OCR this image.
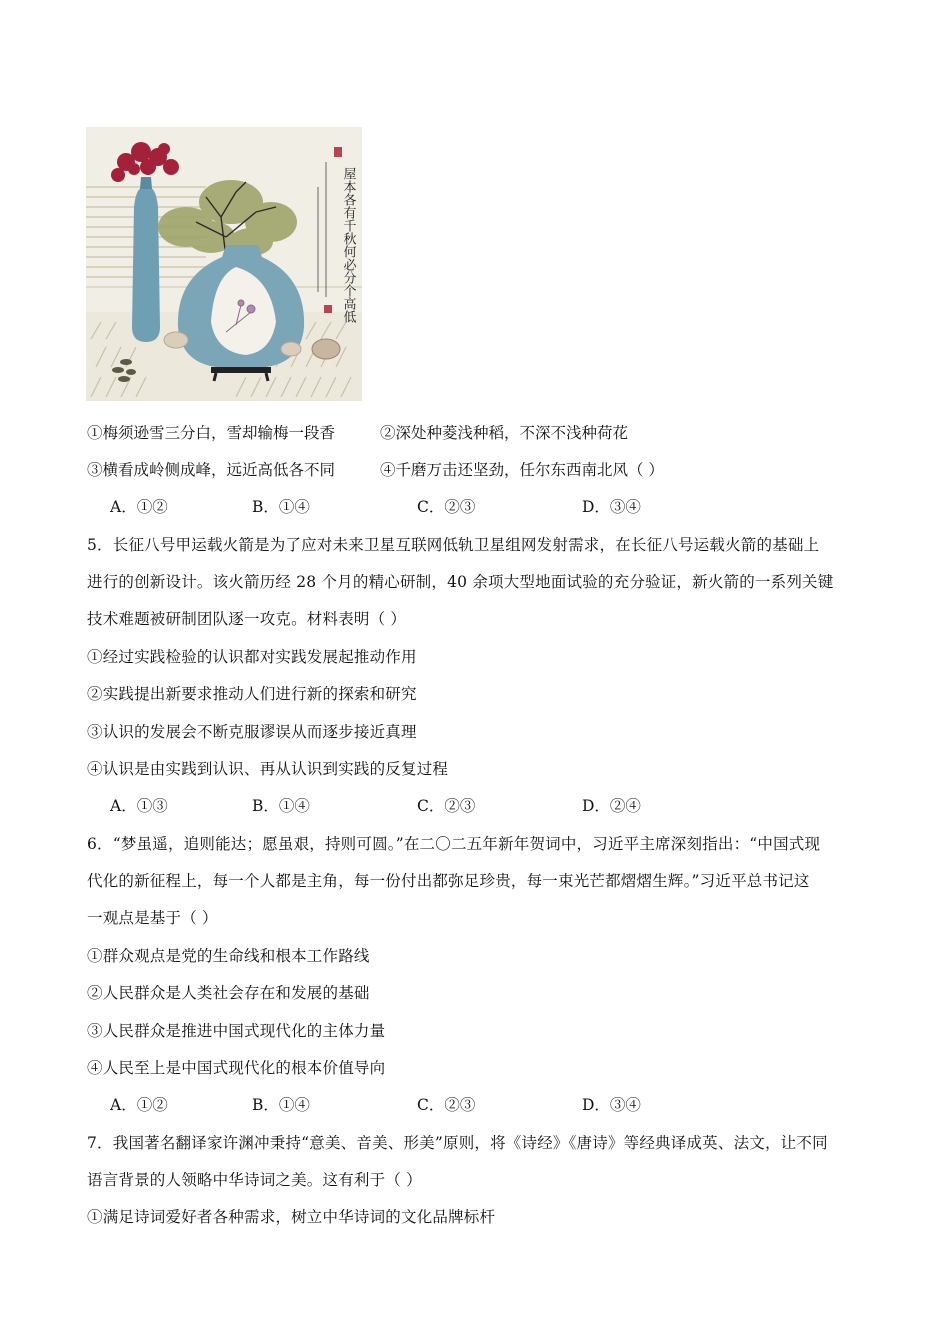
屋本各有千秋何必分个高低
①梅须逊雪三分白，雪却输梅一段香	②深处种菱浅种稻，不深不浅种荷花
③横看成岭侧成峰，远近高低各不同	④千磨万击还坚劲，任尔东西南北风（ ）
A．①②	B．①④	C．②③	D．③④
5．长征八号甲运载火箭是为了应对未来卫星互联网低轨卫星组网发射需求，在长征八号运载火箭的基础上
进行的创新设计。该火箭历经 28 个月的精心研制，40 余项大型地面试验的充分验证，新火箭的一系列关键
技术难题被研制团队逐一攻克。材料表明（ ）
①经过实践检验的认识都对实践发展起推动作用
②实践提出新要求推动人们进行新的探索和研究
③认识的发展会不断克服谬误从而逐步接近真理
④认识是由实践到认识、再从认识到实践的反复过程
A．①③	B．①④	C．②③	D．②④
6．“梦虽遥，追则能达；愿虽艰，持则可圆。”在二〇二五年新年贺词中，习近平主席深刻指出：“中国式现
代化的新征程上，每一个人都是主角，每一份付出都弥足珍贵，每一束光芒都熠熠生辉。”习近平总书记这
一观点是基于（ ）
①群众观点是党的生命线和根本工作路线
②人民群众是人类社会存在和发展的基础
③人民群众是推进中国式现代化的主体力量
④人民至上是中国式现代化的根本价值导向
A．①②	B．①④	C．②③	D．③④
7．我国著名翻译家许渊冲秉持“意美、音美、形美”原则，将《诗经》《唐诗》等经典译成英、法文，让不同
语言背景的人领略中华诗词之美。这有利于（ ）
①满足诗词爱好者各种需求，树立中华诗词的文化品牌标杆
